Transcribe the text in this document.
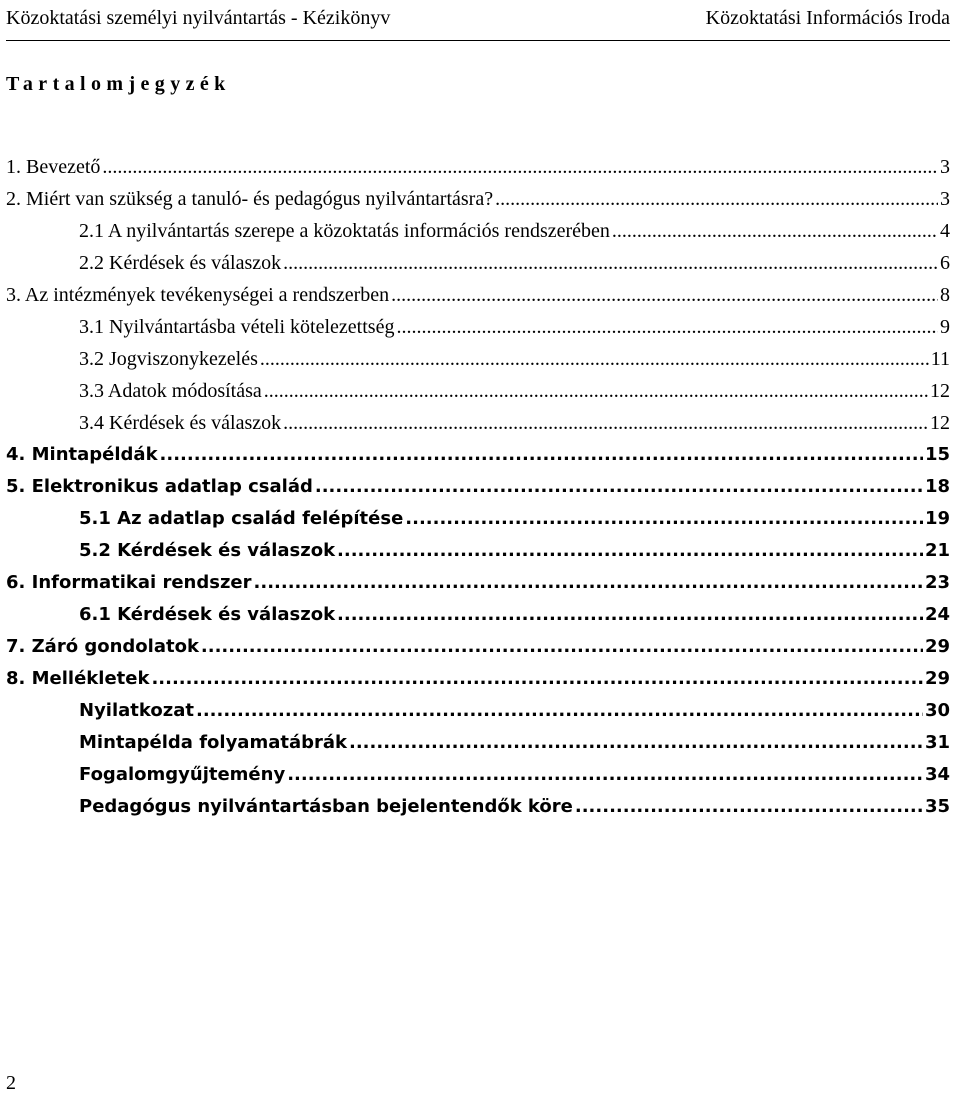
Közoktatási személyi nyilvántartás - Kézikönyv	Közoktatási Információs Iroda
Tartalomjegyzék
1. Bevezető .....	3
2. Miért van szükség a tanuló- és pedagógus nyilvántartásra? .....	3
2.1 A nyilvántartás szerepe a közoktatás információs rendszerében .....	4
2.2 Kérdések és válaszok .....	6
3. Az intézmények tevékenységei a rendszerben .....	8
3.1 Nyilvántartásba vételi kötelezettség .....	9
3.2 Jogviszonykezelés .....	11
3.3 Adatok módosítása .....	12
3.4 Kérdések és válaszok .....	12
4. Mintapéldák .....	15
5. Elektronikus adatlap család .....	18
5.1 Az adatlap család felépítése .....	19
5.2 Kérdések és válaszok .....	21
6. Informatikai rendszer .....	23
6.1 Kérdések és válaszok .....	24
7. Záró gondolatok .....	29
8. Mellékletek .....	29
Nyilatkozat .....	30
Mintapélda folyamatábrák .....	31
Fogalomgyűjtemény .....	34
Pedagógus nyilvántartásban bejelentendők köre .....	35
2
